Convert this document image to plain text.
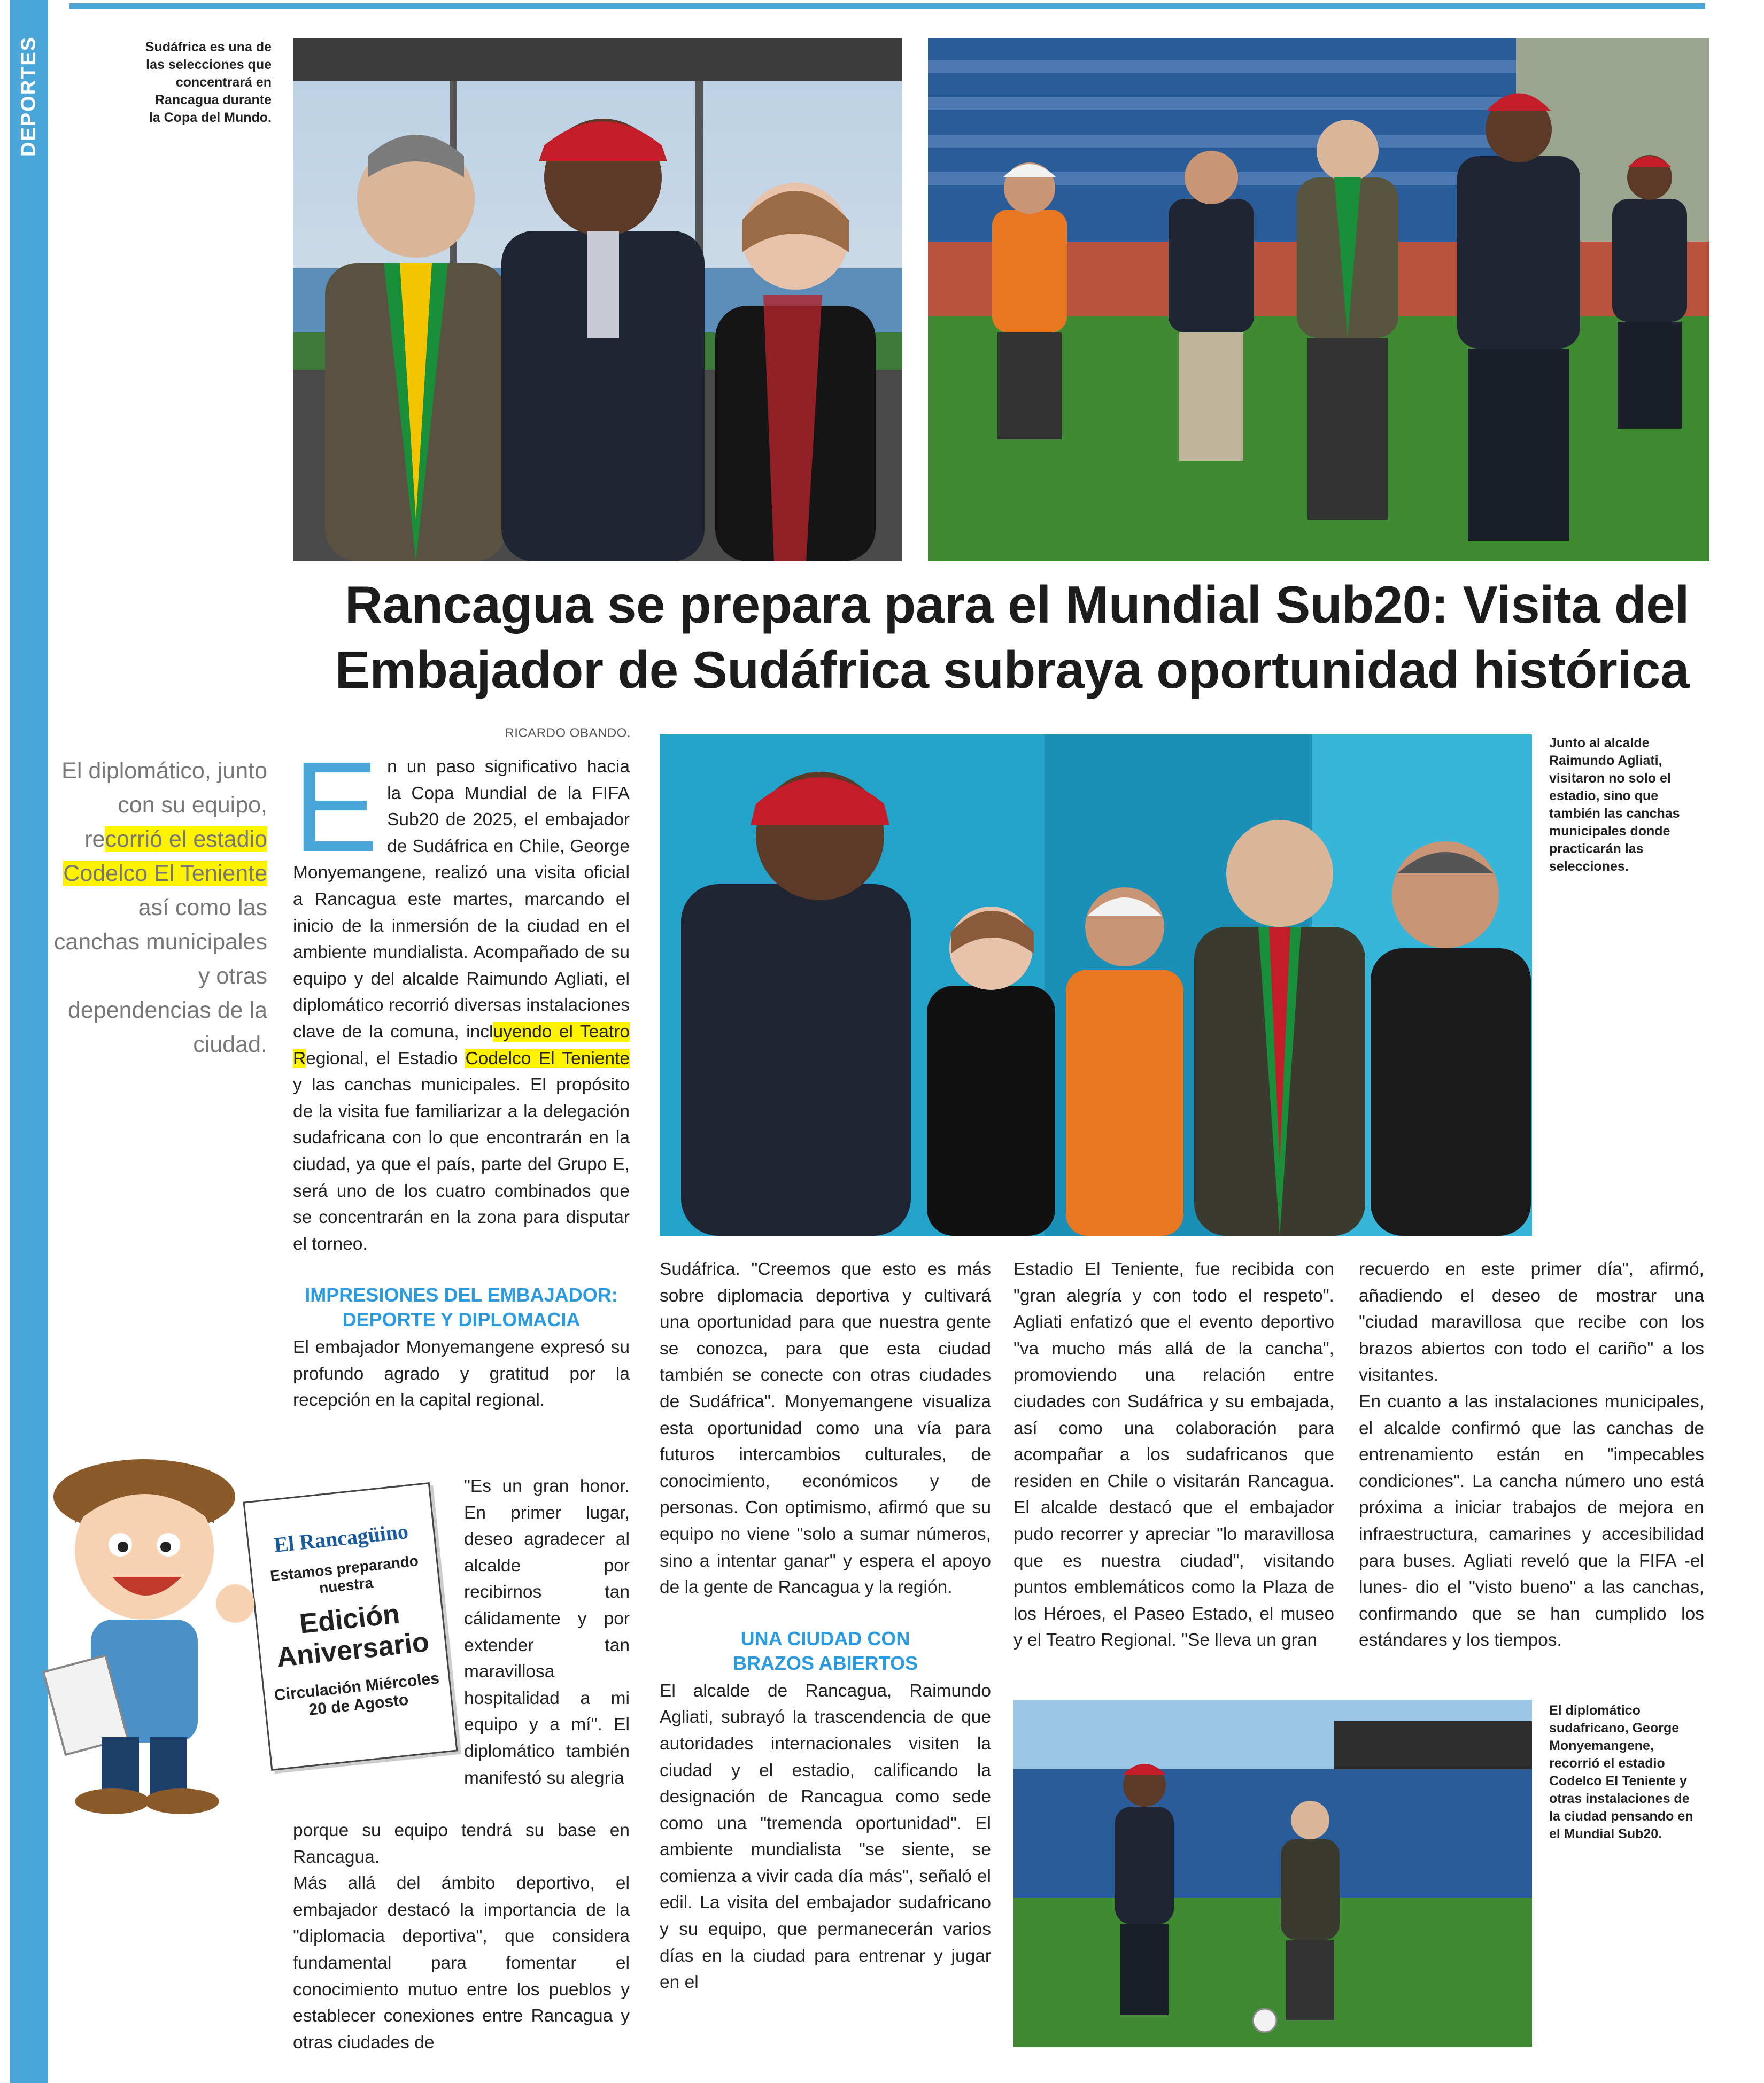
DEPORTES	Sudáfrica es una de las selecciones que concentrará en Rancagua durante la Copa del Mundo.
Rancagua se prepara para el Mundial Sub20: Visita del Embajador de Sudáfrica subraya oportunidad histórica
RICARDO OBANDO.
El diplomático, junto con su equipo, recorrió el estadio Codelco El Teniente así como las canchas municipales y otras dependencias de la ciudad.

En un paso significativo hacia la Copa Mundial de la FIFA Sub20 de 2025, el embajador de Sudáfrica en Chile, George Monyemangene, realizó una visita oficial a Rancagua este martes, marcando el inicio de la inmersión de la ciudad en el ambiente mundialista. Acompañado de su equipo y del alcalde Raimundo Agliati, el diplomático recorrió diversas instalaciones clave de la comuna, incluyendo el Teatro Regional, el Estadio Codelco El Teniente y las canchas municipales. El propósito de la visita fue familiarizar a la delegación sudafricana con lo que encontrarán en la ciudad, ya que el país, parte del Grupo E, será uno de los cuatro combinados que se concentrarán en la zona para disputar el torneo.

IMPRESIONES DEL EMBAJADOR: DEPORTE Y DIPLOMACIA

El embajador Monyemangene expresó su profundo agrado y gratitud por la recepción en la capital regional.

"Es un gran honor. En primer lugar, deseo agradecer al alcalde por recibirnos tan cálidamente y por extender tan maravillosa hospitalidad a mi equipo y a mí". El diplomático también manifestó su alegria

porque su equipo tendrá su base en Rancagua.

Más allá del ámbito deportivo, el embajador destacó la importancia de la "diplomacia deportiva", que considera fundamental para fomentar el conocimiento mutuo entre los pueblos y establecer conexiones entre Rancagua y otras ciudades de

El Rancagüino
Estamos preparando nuestra
Edición Aniversario
Circulación Miércoles 20 de Agosto
Junto al alcalde Raimundo Agliati, visitaron no solo el estadio, sino que también las canchas municipales donde practicarán las selecciones.

Sudáfrica. "Creemos que esto es más sobre diplomacia deportiva y cultivará una oportunidad para que nuestra gente se conozca, para que esta ciudad también se conecte con otras ciudades de Sudáfrica". Monyemangene visualiza esta oportunidad como una vía para futuros intercambios culturales, de conocimiento, económicos y de personas. Con optimismo, afirmó que su equipo no viene "solo a sumar números, sino a intentar ganar" y espera el apoyo de la gente de Rancagua y la región.

UNA CIUDAD CON BRAZOS ABIERTOS

El alcalde de Rancagua, Raimundo Agliati, subrayó la trascendencia de que autoridades internacionales visiten la ciudad y el estadio, calificando la designación de Rancagua como sede como una "tremenda oportunidad". El ambiente mundialista "se siente, se comienza a vivir cada día más", señaló el edil. La visita del embajador sudafricano y su equipo, que permanecerán varios días en la ciudad para entrenar y jugar en el

Estadio El Teniente, fue recibida con "gran alegría y con todo el respeto". Agliati enfatizó que el evento deportivo "va mucho más allá de la cancha", promoviendo una relación entre ciudades con Sudáfrica y su embajada, así como una colaboración para acompañar a los sudafricanos que residen en Chile o visitarán Rancagua. El alcalde destacó que el embajador pudo recorrer y apreciar "lo maravillosa que es nuestra ciudad", visitando puntos emblemáticos como la Plaza de los Héroes, el Paseo Estado, el museo y el Teatro Regional. "Se lleva un gran

recuerdo en este primer día", afirmó, añadiendo el deseo de mostrar una "ciudad maravillosa que recibe con los brazos abiertos con todo el cariño" a los visitantes.

En cuanto a las instalaciones municipales, el alcalde confirmó que las canchas de entrenamiento están en "impecables condiciones". La cancha número uno está próxima a iniciar trabajos de mejora en infraestructura, camarines y accesibilidad para buses. Agliati reveló que la FIFA -el lunes- dio el "visto bueno" a las canchas, confirmando que se han cumplido los estándares y los tiempos.

El diplomático sudafricano, George Monyemangene, recorrió el estadio Codelco El Teniente y otras instalaciones de la ciudad pensando en el Mundial Sub20.
